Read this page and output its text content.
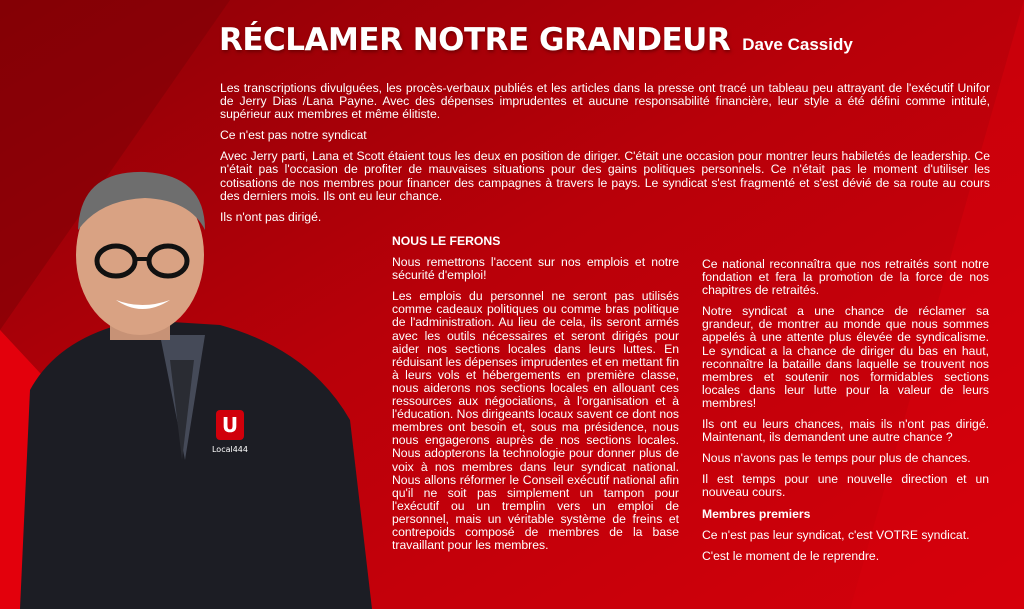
U
Local444
RÉCLAMER NOTRE GRANDEUR Dave Cassidy

Les transcriptions divulguées, les procès-verbaux publiés et les articles dans la presse ont tracé un tableau peu attrayant de l'exécutif Unifor de Jerry Dias /Lana Payne. Avec des dépenses imprudentes et aucune responsabilité financière, leur style a été défini comme intitulé, supérieur aux membres et même élitiste.

Ce n'est pas notre syndicat

Avec Jerry parti, Lana et Scott étaient tous les deux en position de diriger. C'était une occasion pour montrer leurs habiletés de leadership. Ce n'était pas l'occasion de profiter de mauvaises situations pour des gains politiques personnels. Ce n'était pas le moment d'utiliser les cotisations de nos membres pour financer des campagnes à travers le pays. Le syndicat s'est fragmenté et s'est dévié de sa route au cours des derniers mois. Ils ont eu leur chance.

Ils n'ont pas dirigé.

NOUS LE FERONS

Nous remettrons l'accent sur nos emplois et notre sécurité d'emploi!

Les emplois du personnel ne seront pas utilisés comme cadeaux politiques ou comme bras politique de l'administration. Au lieu de cela, ils seront armés avec les outils nécessaires et seront dirigés pour aider nos sections locales dans leurs luttes. En réduisant les dépenses imprudentes et en mettant fin à leurs vols et hébergements en première classe, nous aiderons nos sections locales en allouant ces ressources aux négociations, à l'organisation et à l'éducation. Nos dirigeants locaux savent ce dont nos membres ont besoin et, sous ma présidence, nous nous engagerons auprès de nos sections locales. Nous adopterons la technologie pour donner plus de voix à nos membres dans leur syndicat national. Nous allons réformer le Conseil exécutif national afin qu'il ne soit pas simplement un tampon pour l'exécutif ou un tremplin vers un emploi de personnel, mais un véritable système de freins et contrepoids composé de membres de la base travaillant pour les membres.

Ce national reconnaîtra que nos retraités sont notre fondation et fera la promotion de la force de nos chapitres de retraités.

Notre syndicat a une chance de réclamer sa grandeur, de montrer au monde que nous sommes appelés à une attente plus élevée de syndicalisme. Le syndicat a la chance de diriger du bas en haut, reconnaître la bataille dans laquelle se trouvent nos membres et soutenir nos formidables sections locales dans leur lutte pour la valeur de leurs membres!

Ils ont eu leurs chances, mais ils n'ont pas dirigé. Maintenant, ils demandent une autre chance ?

Nous n'avons pas le temps pour plus de chances.

Il est temps pour une nouvelle direction et un nouveau cours.

Membres premiers

Ce n'est pas leur syndicat, c'est VOTRE syndicat.

C'est le moment de le reprendre.
